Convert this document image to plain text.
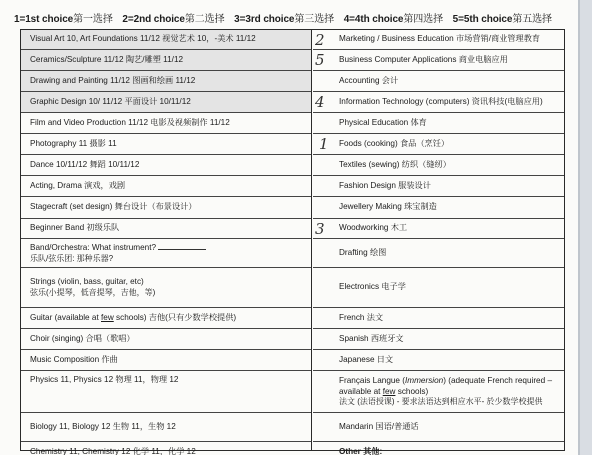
1=1st choice第一选择 2=2nd choice第二选择 3=3rd choice第三选择 4=4th choice第四选择 5=5th choice第五选择
Visual Art 10, Art Foundations 11/12 视觉艺术 10，-美术 11/12
Ceramics/Sculpture 11/12 陶艺/雕塑 11/12
Drawing and Painting 11/12 图画和绘画 11/12
Graphic Design 10/ 11/12 平面设计 10/11/12
Film and Video Production 11/12 电影及视频制作 11/12
Photography 11 摄影 11
Dance 10/11/12 舞蹈 10/11/12
Acting, Drama 演戏，戏剧
Stagecraft (set design) 舞台设计（布景设计）
Beginner Band 初级乐队
Band/Orchestra: What instrument?
乐队/弦乐团: 那种乐器?
Strings (violin, bass, guitar, etc)
弦乐(小提琴，低音提琴，吉他，等)
Guitar (available at few schools) 吉他(只有少数学校提供)
Choir (singing) 合唱（歌唱）
Music Composition 作曲
Physics 11, Physics 12 物理 11，物理 12
Biology 11, Biology 12 生物 11，生物 12
Chemistry 11, Chemistry 12 化学 11，化学 12
2 Marketing / Business Education 市场营销/商业管理教育
5 Business Computer Applications 商业电脑应用
Accounting 会计
4 Information Technology (computers) 资讯科技(电脑应用)
Physical Education 体育
1 Foods (cooking) 食品（烹饪）
Textiles (sewing) 纺织（缝纫）
Fashion Design 服装设计
Jewellery Making 珠宝制造
3 Woodworking 木工
Drafting 绘图
Electronics 电子学
French 法文
Spanish 西班牙文
Japanese 日文
Français Langue (Immersion) (adequate French required –
available at few schools)
法文 (法语授课) - 要求法语达到相应水平- 於少数学校提供
Mandarin 国语/普通话
Other 其他:
